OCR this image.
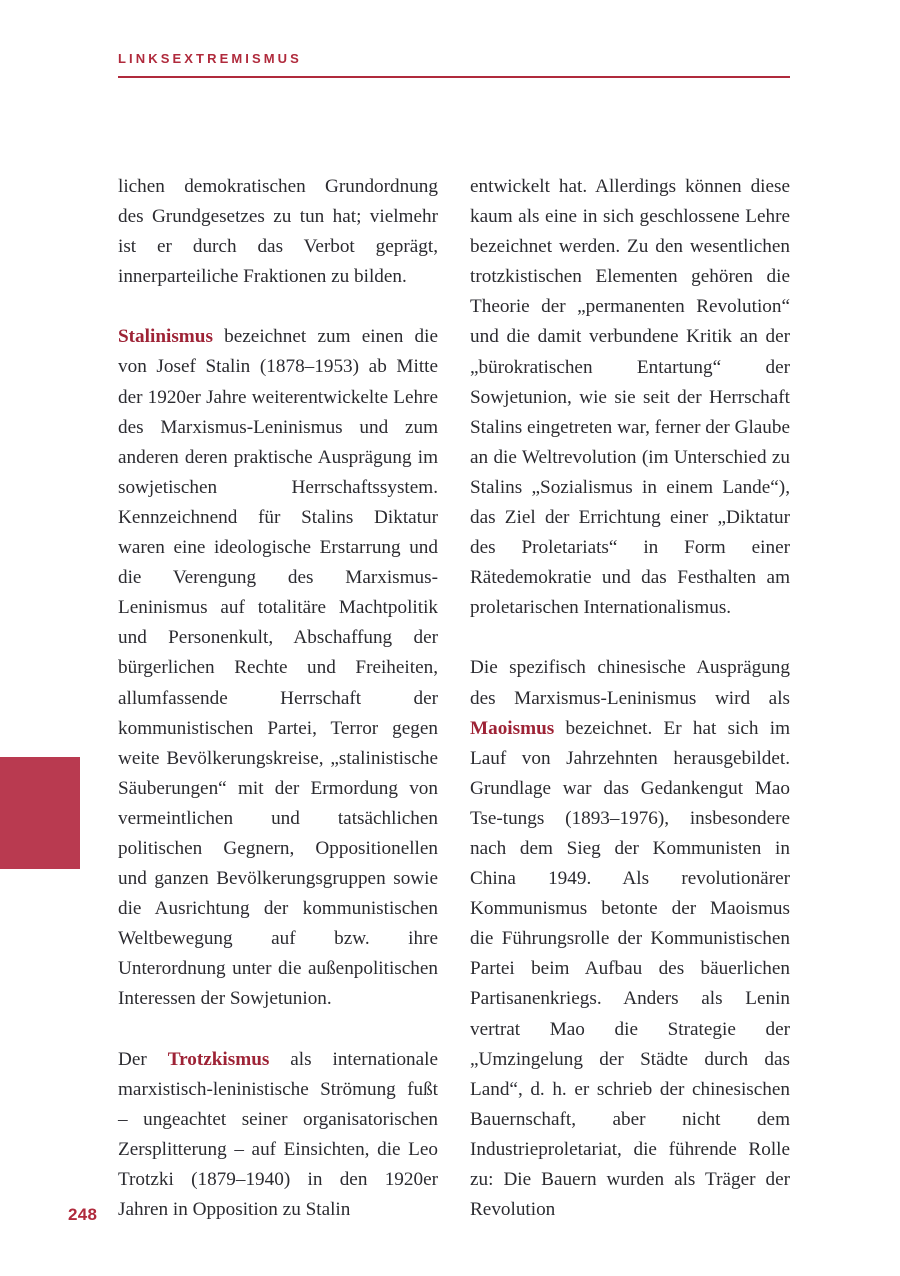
LINKSEXTREMISMUS

lichen demokratischen Grundordnung des Grundgesetzes zu tun hat; vielmehr ist er durch das Verbot geprägt, innerparteiliche Fraktionen zu bilden.

Stalinismus bezeichnet zum einen die von Josef Stalin (1878–1953) ab Mitte der 1920er Jahre weiterentwickelte Lehre des Marxismus-Leninismus und zum anderen deren praktische Ausprägung im sowjetischen Herrschaftssystem. Kennzeichnend für Stalins Diktatur waren eine ideologische Erstarrung und die Verengung des Marxismus-Leninismus auf totalitäre Machtpolitik und Personenkult, Abschaffung der bürgerlichen Rechte und Freiheiten, allumfassende Herrschaft der kommunistischen Partei, Terror gegen weite Bevölkerungskreise, „stalinistische Säuberungen“ mit der Ermordung von vermeintlichen und tatsächlichen politischen Gegnern, Oppositionellen und ganzen Bevölkerungsgruppen sowie die Ausrichtung der kommunistischen Weltbewegung auf bzw. ihre Unterordnung unter die außenpolitischen Interessen der Sowjetunion.

Der Trotzkismus als internationale marxistisch-leninistische Strömung fußt – ungeachtet seiner organisatorischen Zersplitterung – auf Einsichten, die Leo Trotzki (1879–1940) in den 1920er Jahren in Opposition zu Stalin

entwickelt hat. Allerdings können diese kaum als eine in sich geschlossene Lehre bezeichnet werden. Zu den wesentlichen trotzkistischen Elementen gehören die Theorie der „permanenten Revolution“ und die damit verbundene Kritik an der „bürokratischen Entartung“ der Sowjetunion, wie sie seit der Herrschaft Stalins eingetreten war, ferner der Glaube an die Weltrevolution (im Unterschied zu Stalins „Sozialismus in einem Lande“), das Ziel der Errichtung einer „Diktatur des Proletariats“ in Form einer Rätedemokratie und das Festhalten am proletarischen Internationalismus.

Die spezifisch chinesische Ausprägung des Marxismus-Leninismus wird als Maoismus bezeichnet. Er hat sich im Lauf von Jahrzehnten herausgebildet. Grundlage war das Gedankengut Mao Tse-tungs (1893–1976), insbesondere nach dem Sieg der Kommunisten in China 1949. Als revolutionärer Kommunismus betonte der Maoismus die Führungsrolle der Kommunistischen Partei beim Aufbau des bäuerlichen Partisanenkriegs. Anders als Lenin vertrat Mao die Strategie der „Umzingelung der Städte durch das Land“, d. h. er schrieb der chinesischen Bauernschaft, aber nicht dem Industrieproletariat, die führende Rolle zu: Die Bauern wurden als Träger der Revolution

248
